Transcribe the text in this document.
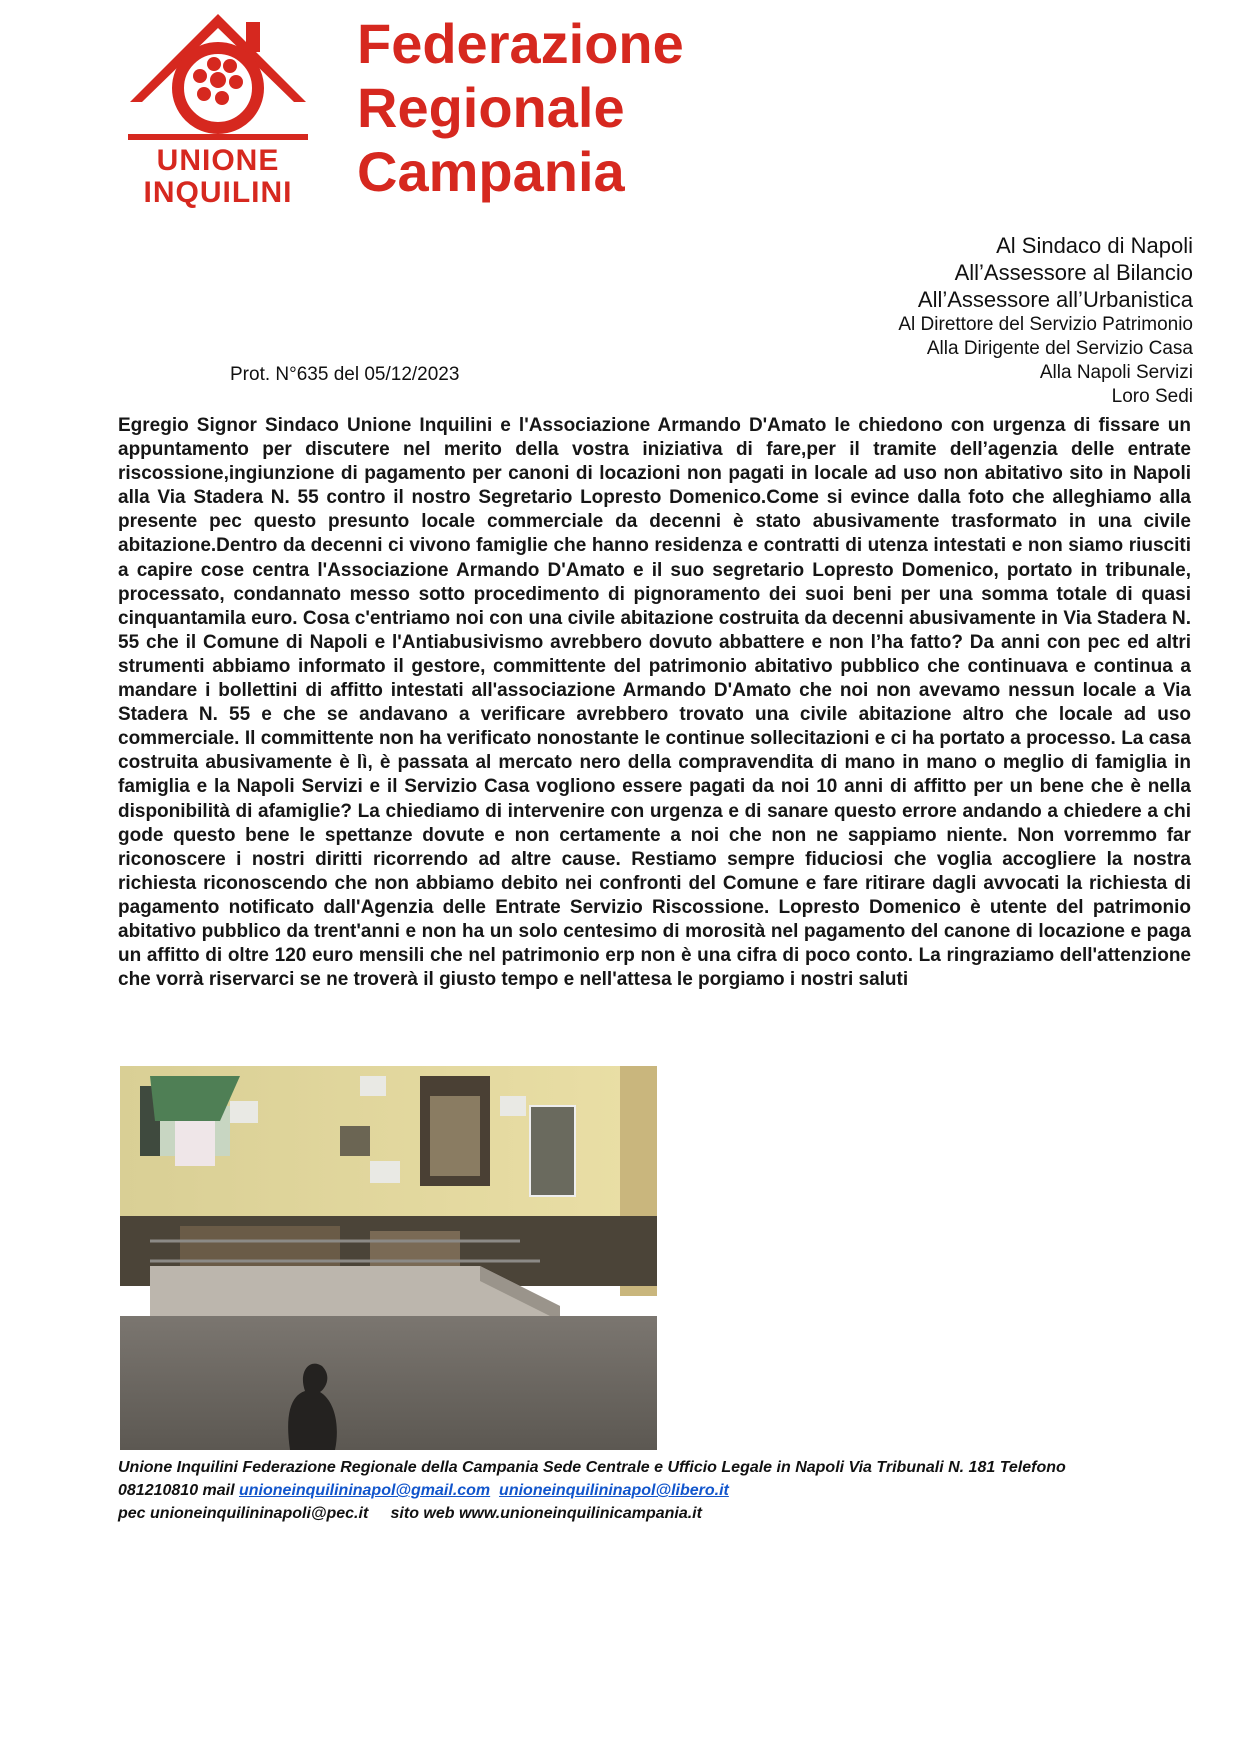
UNIONE
INQUILINI
Federazione
Regionale
Campania
Al Sindaco di Napoli
All’Assessore al Bilancio
All’Assessore all’Urbanistica
Al Direttore del Servizio Patrimonio
Alla Dirigente del Servizio Casa
Alla Napoli Servizi
Loro Sedi
Prot. N°635 del 05/12/2023
Egregio Signor Sindaco Unione Inquilini e l'Associazione Armando D'Amato le chiedono con urgenza di fissare un appuntamento per discutere nel merito della vostra iniziativa di fare,per il tramite dell’agenzia delle entrate riscossione,ingiunzione di pagamento per canoni di locazioni non pagati in locale ad uso non abitativo sito in Napoli alla Via Stadera N. 55 contro il nostro Segretario Lopresto Domenico.Come si evince dalla foto che alleghiamo alla presente pec questo presunto locale commerciale da decenni è stato abusivamente trasformato in una civile abitazione.Dentro da decenni ci vivono famiglie che hanno residenza e contratti di utenza intestati e non siamo riusciti a capire cose centra l'Associazione Armando D'Amato e il suo segretario Lopresto Domenico, portato in tribunale, processato, condannato messo sotto procedimento di pignoramento dei suoi beni per una somma totale di quasi cinquantamila euro. Cosa c'entriamo noi con una civile abitazione costruita da decenni abusivamente in Via Stadera N. 55 che il Comune di Napoli e l'Antiabusivismo avrebbero dovuto abbattere e non l’ha fatto? Da anni con pec ed altri strumenti abbiamo informato il gestore, committente del patrimonio abitativo pubblico che continuava e continua a mandare i bollettini di affitto intestati all'associazione Armando D'Amato che noi non avevamo nessun locale a Via Stadera N. 55 e che se andavano a verificare avrebbero trovato una civile abitazione altro che locale ad uso commerciale. Il committente non ha verificato nonostante le continue sollecitazioni e ci ha portato a processo. La casa costruita abusivamente è lì, è passata al mercato nero della compravendita di mano in mano o meglio di famiglia in famiglia e la Napoli Servizi e il Servizio Casa vogliono essere pagati da noi 10 anni di affitto per un bene che è nella disponibilità di afamiglie? La chiediamo di intervenire con urgenza e di sanare questo errore andando a chiedere a chi gode questo bene le spettanze dovute e non certamente a noi che non ne sappiamo niente. Non vorremmo far riconoscere i nostri diritti ricorrendo ad altre cause. Restiamo sempre fiduciosi che voglia accogliere la nostra richiesta riconoscendo che non abbiamo debito nei confronti del Comune e fare ritirare dagli avvocati la richiesta di pagamento notificato dall'Agenzia delle Entrate Servizio Riscossione. Lopresto Domenico è utente del patrimonio abitativo pubblico da trent'anni e non ha un solo centesimo di morosità nel pagamento del canone di locazione e paga un affitto di oltre 120 euro mensili che nel patrimonio erp non è una cifra di poco conto. La ringraziamo dell'attenzione che vorrà riservarci se ne troverà il giusto tempo e nell'attesa le porgiamo i nostri saluti
Unione Inquilini Federazione Regionale della Campania Sede Centrale e Ufficio Legale in Napoli Via Tribunali N. 181 Telefono
081210810 mail unioneinquilininapol@gmail.com unioneinquilininapol@libero.it
pec unioneinquilininapoli@pec.it sito web www.unioneinquilinicampania.it
